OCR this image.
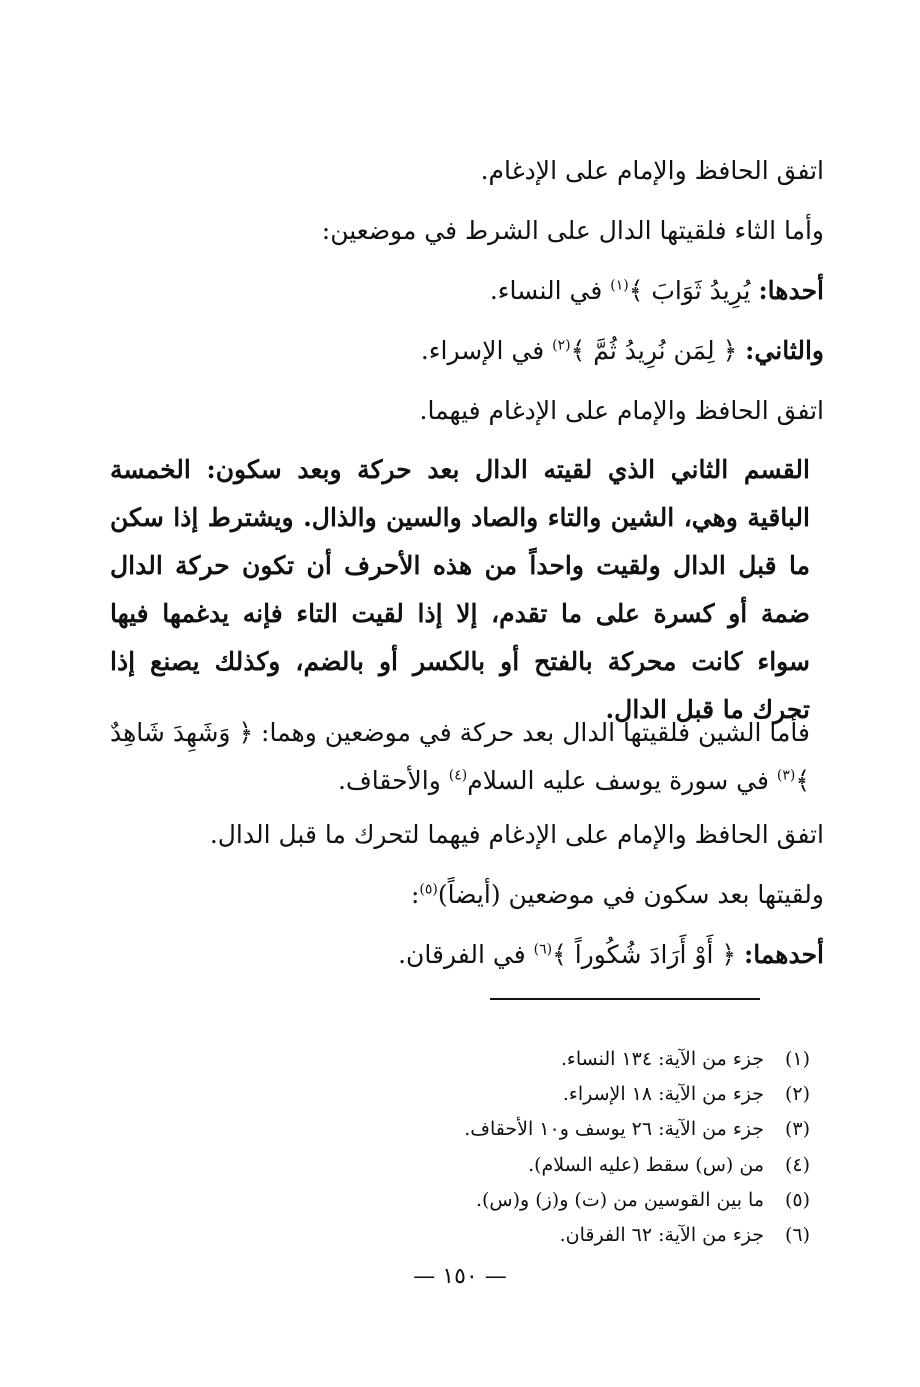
اتفق الحافظ والإمام على الإدغام.

وأما الثاء فلقيتها الدال على الشرط في موضعين:

أحدها: يُرِيدُ ثَوَابَ ﴾$^{(١)}$ في النساء.

والثاني: ﴿ لِمَن نُرِيدُ ثُمَّ ﴾$^{(٢)}$ في الإسراء.

اتفق الحافظ والإمام على الإدغام فيهما.

القسم الثاني الذي لقيته الدال بعد حركة وبعد سكون: الخمسة الباقية وهي، الشين والتاء والصاد والسين والذال. ويشترط إذا سكن ما قبل الدال ولقيت واحداً من هذه الأحرف أن تكون حركة الدال ضمة أو كسرة على ما تقدم، إلا إذا لقيت التاء فإنه يدغمها فيها سواء كانت محركة بالفتح أو بالكسر أو بالضم، وكذلك يصنع إذا تحرك ما قبل الدال.

فأما الشين فلقيتها الدال بعد حركة في موضعين وهما: ﴿ وَشَهِدَ شَاهِدٌ ﴾$^{(٣)}$ في سورة يوسف عليه السلام$^{(٤)}$ والأحقاف.

اتفق الحافظ والإمام على الإدغام فيهما لتحرك ما قبل الدال.

ولقيتها بعد سكون في موضعين (أيضاً)$^{(٥)}$:

أحدهما: ﴿ أَوْ أَرَادَ شُكُوراً ﴾$^{(٦)}$ في الفرقان.

(١)جزء من الآية: ١٣٤ النساء.

(٢)جزء من الآية: ١٨ الإسراء.

(٣)جزء من الآية: ٢٦ يوسف و١٠ الأحقاف.

(٤)من (س) سقط (عليه السلام).

(٥)ما بين القوسين من (ت) و(ز) و(س).

(٦)جزء من الآية: ٦٢ الفرقان.

— ١٥٠ —
